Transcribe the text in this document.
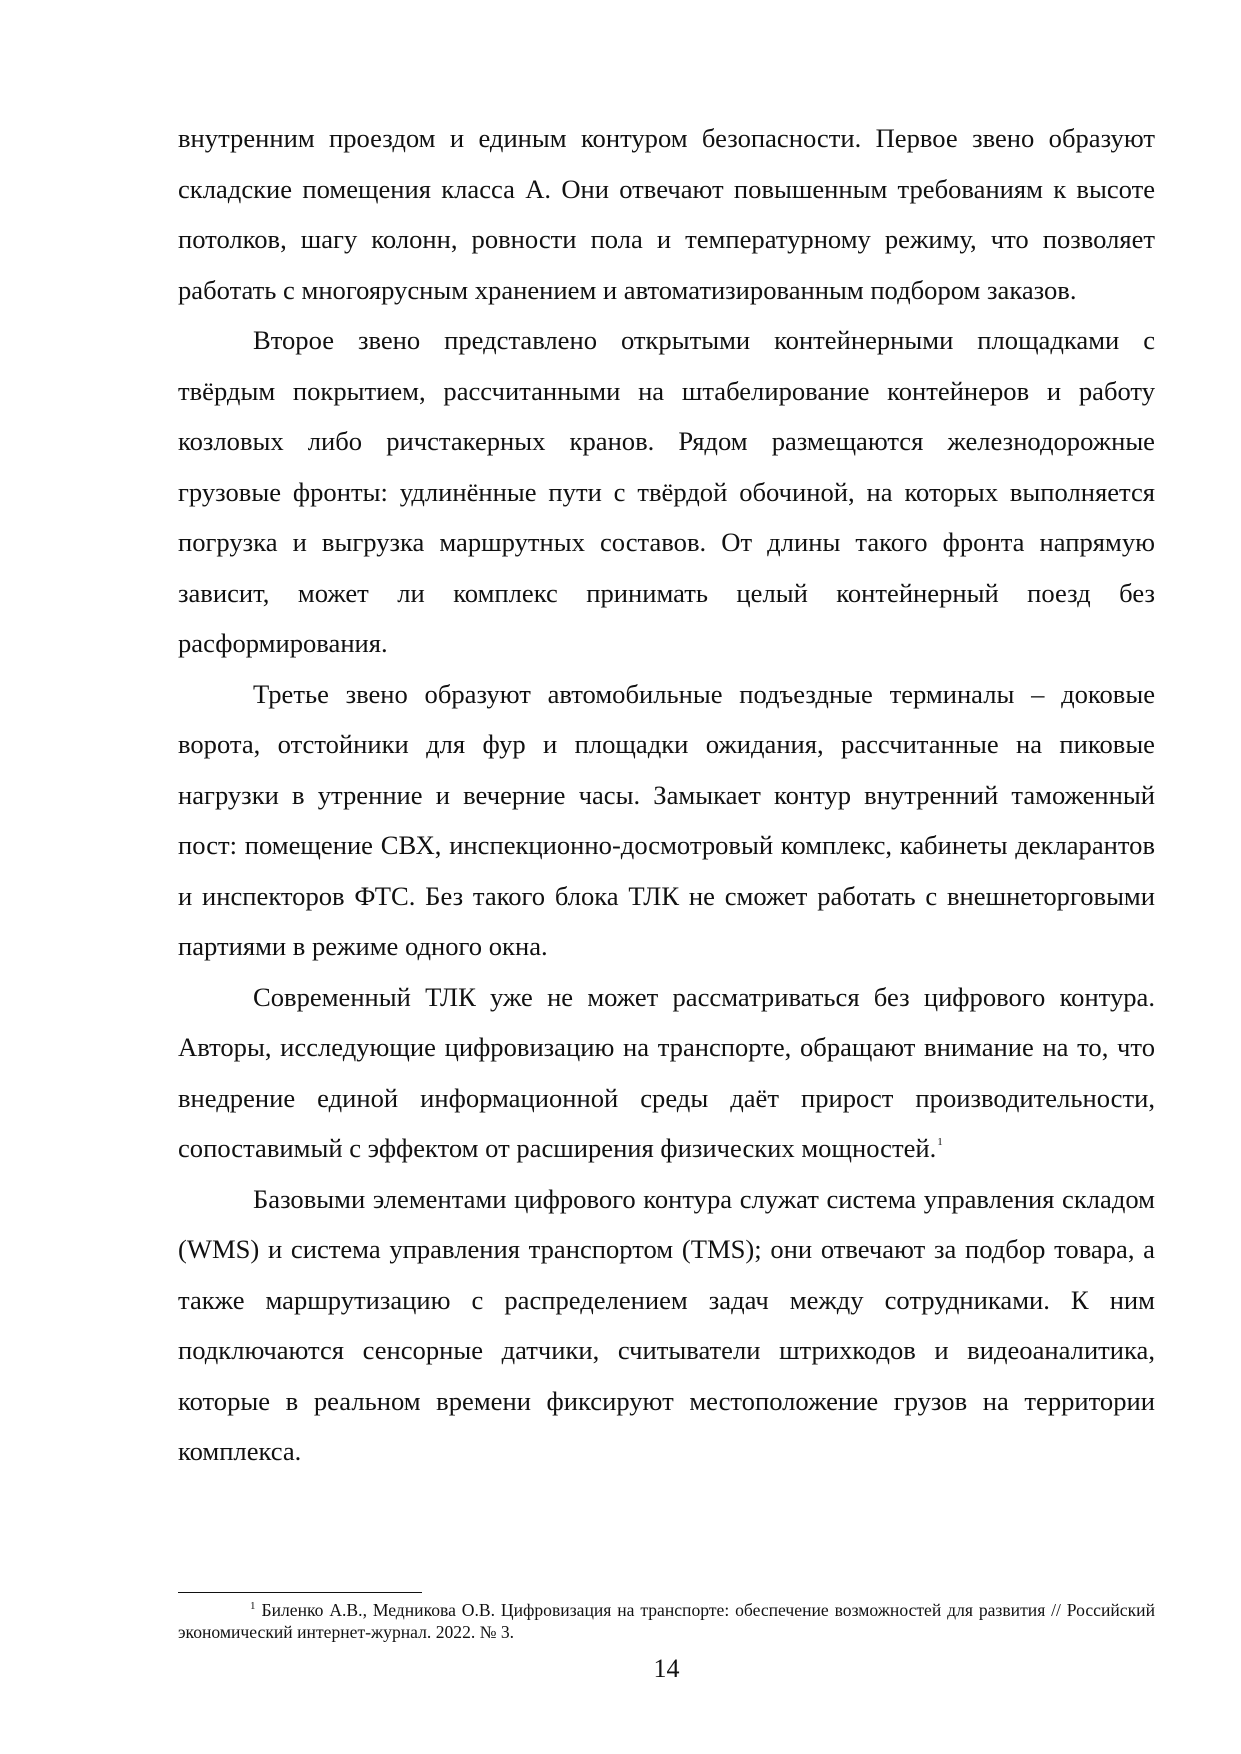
внутренним проездом и единым контуром безопасности. Первое звено образуют складские помещения класса А. Они отвечают повышенным требованиям к высоте потолков, шагу колонн, ровности пола и температурному режиму, что позволяет работать с многоярусным хранением и автоматизированным подбором заказов.

Второе звено представлено открытыми контейнерными площадками с твёрдым покрытием, рассчитанными на штабелирование контейнеров и работу козловых либо ричстакерных кранов. Рядом размещаются железнодорожные грузовые фронты: удлинённые пути с твёрдой обочиной, на которых выполняется погрузка и выгрузка маршрутных составов. От длины такого фронта напрямую зависит, может ли комплекс принимать целый контейнерный поезд без расформирования.

Третье звено образуют автомобильные подъездные терминалы – доковые ворота, отстойники для фур и площадки ожидания, рассчитанные на пиковые нагрузки в утренние и вечерние часы. Замыкает контур внутренний таможенный пост: помещение СВХ, инспекционно-досмотровый комплекс, кабинеты декларантов и инспекторов ФТС. Без такого блока ТЛК не сможет работать с внешнеторговыми партиями в режиме одного окна.

Современный ТЛК уже не может рассматриваться без цифрового контура. Авторы, исследующие цифровизацию на транспорте, обращают внимание на то, что внедрение единой информационной среды даёт прирост производительности, сопоставимый с эффектом от расширения физических мощностей.$^1$

Базовыми элементами цифрового контура служат система управления складом (WMS) и система управления транспортом (TMS); они отвечают за подбор товара, а также маршрутизацию с распределением задач между сотрудниками. К ним подключаются сенсорные датчики, считыватели штрихкодов и видеоаналитика, которые в реальном времени фиксируют местоположение грузов на территории комплекса.

$^1$ Биленко А.В., Медникова О.В. Цифровизация на транспорте: обеспечение возможностей для развития // Российский экономический интернет-журнал. 2022. № 3.

14
